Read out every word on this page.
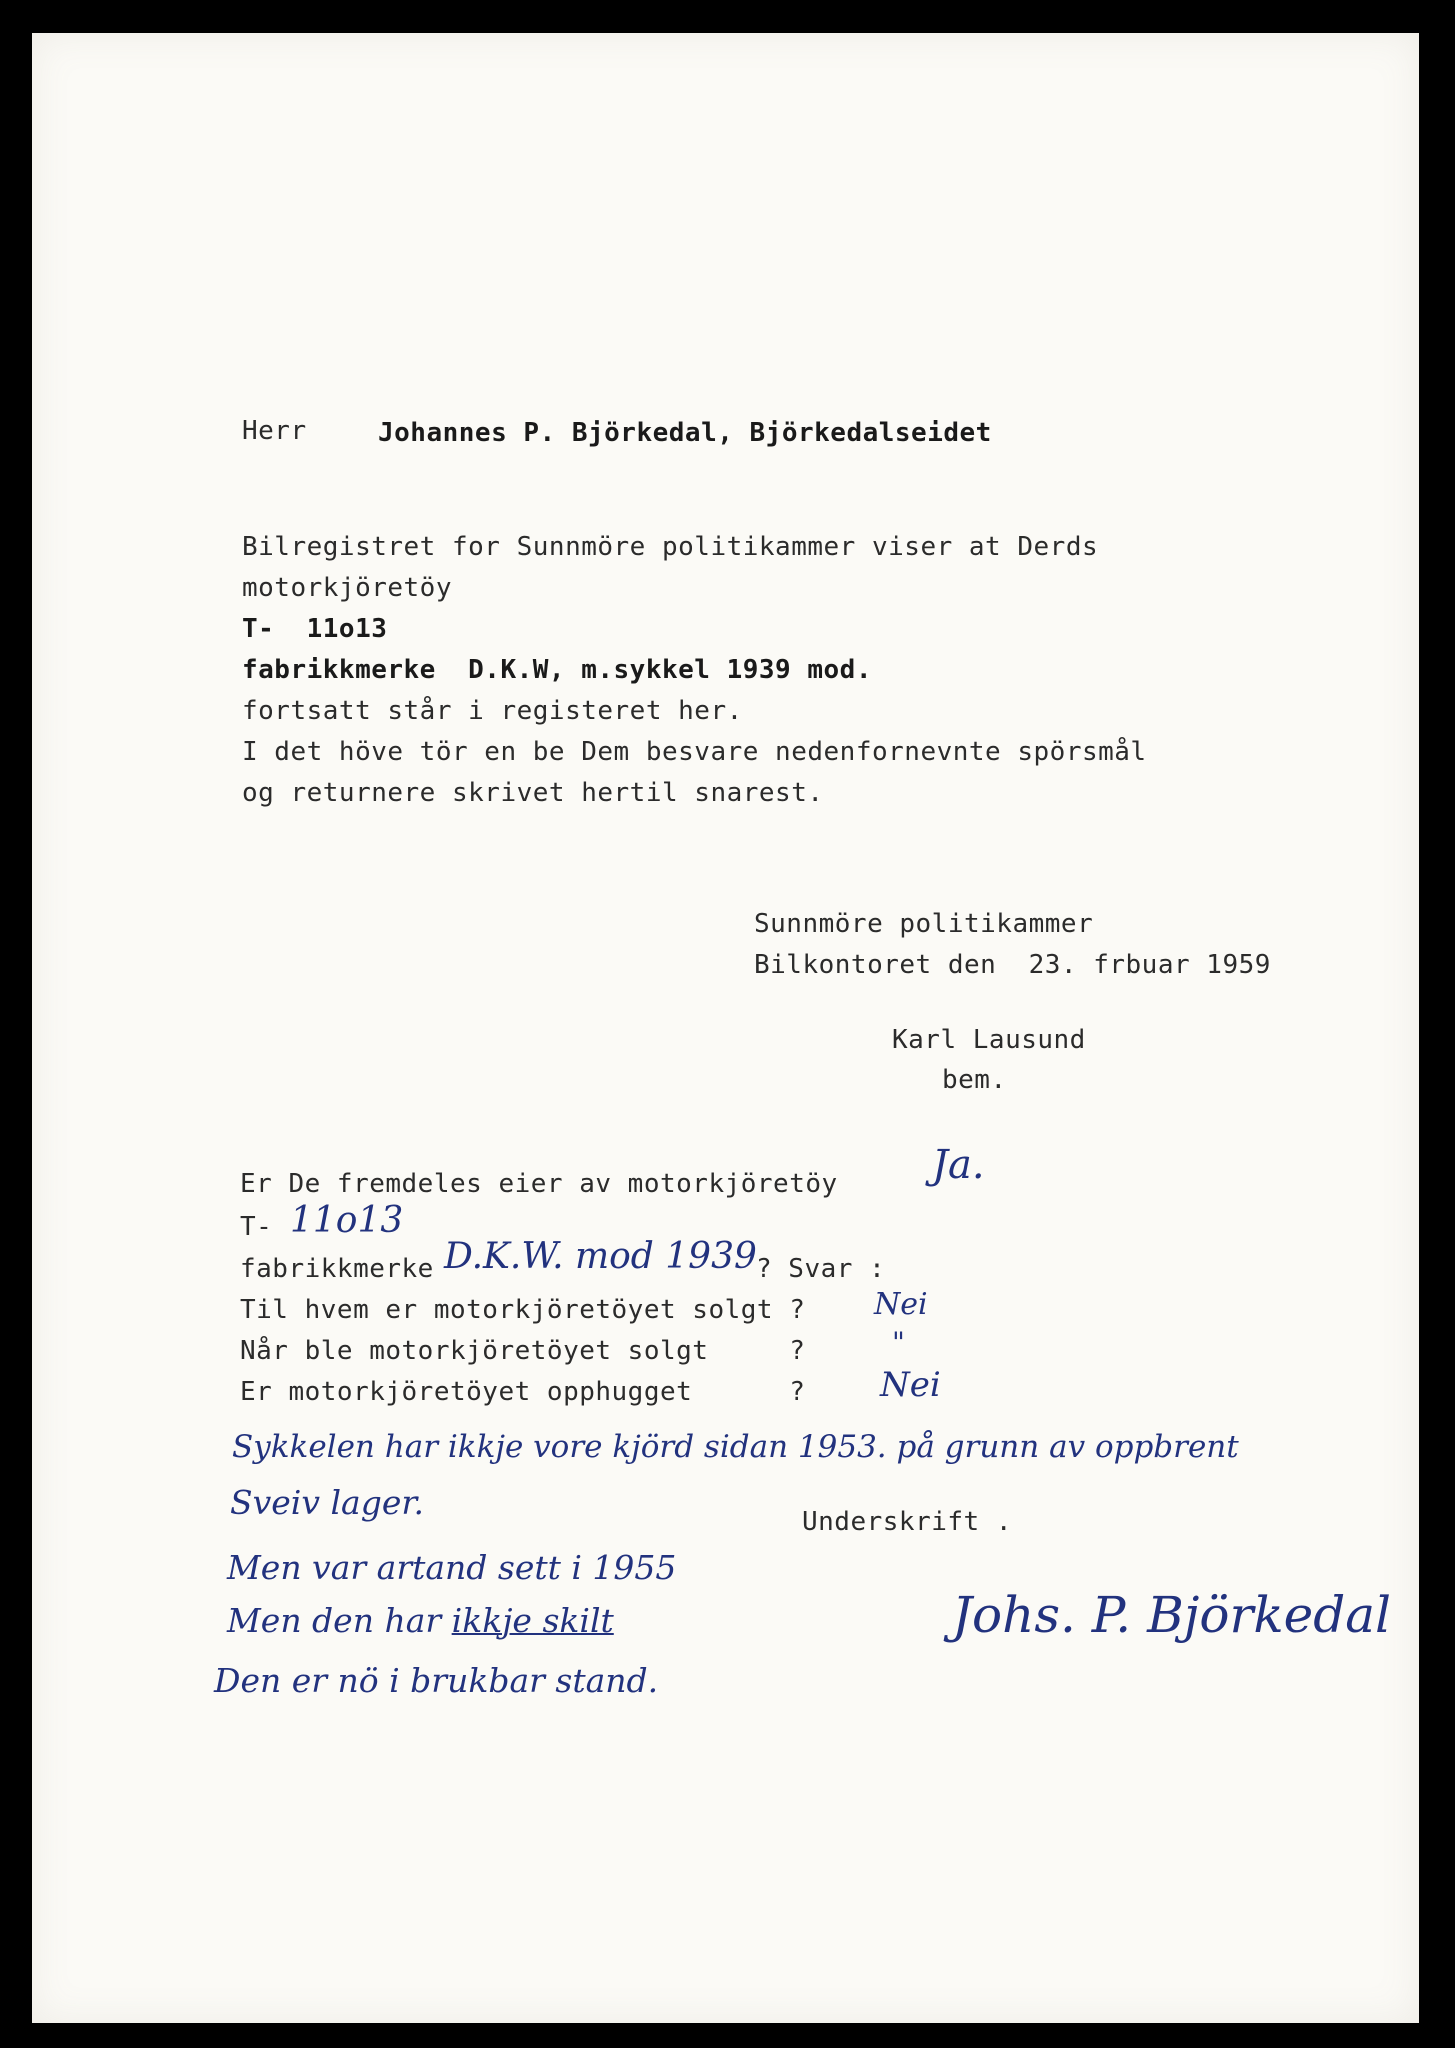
Herr	Johannes P. Björkedal, Björkedalseidet

Bilregistret for Sunnmöre politikammer viser at Derds

motorkjöretöy

T-  11o13

fabrikkmerke  D.K.W, m.sykkel 1939 mod.

fortsatt står i registeret her.

I det höve tör en be Dem besvare nedenfornevnte spörsmål

og returnere skrivet hertil snarest.

Sunnmöre politikammer

Bilkontoret den  23. frbuar 1959

Karl Lausund

bem.

Er De fremdeles eier av motorkjöretöy

T-

fabrikkmerke	? Svar :

Til hvem er motorkjöretöyet solgt ?

Når ble motorkjöretöyet solgt     ?

Er motorkjöretöyet opphugget      ?

Underskrift .

Ja.

11o13

D.K.W. mod 1939

Nei

"

Nei

Sykkelen har ikkje vore kjörd sidan 1953. på grunn av oppbrent

Sveiv lager.

Men var artand sett i 1955

Men den har ikkje skilt

Den er nö i brukbar stand.

Johs. P. Björkedal
